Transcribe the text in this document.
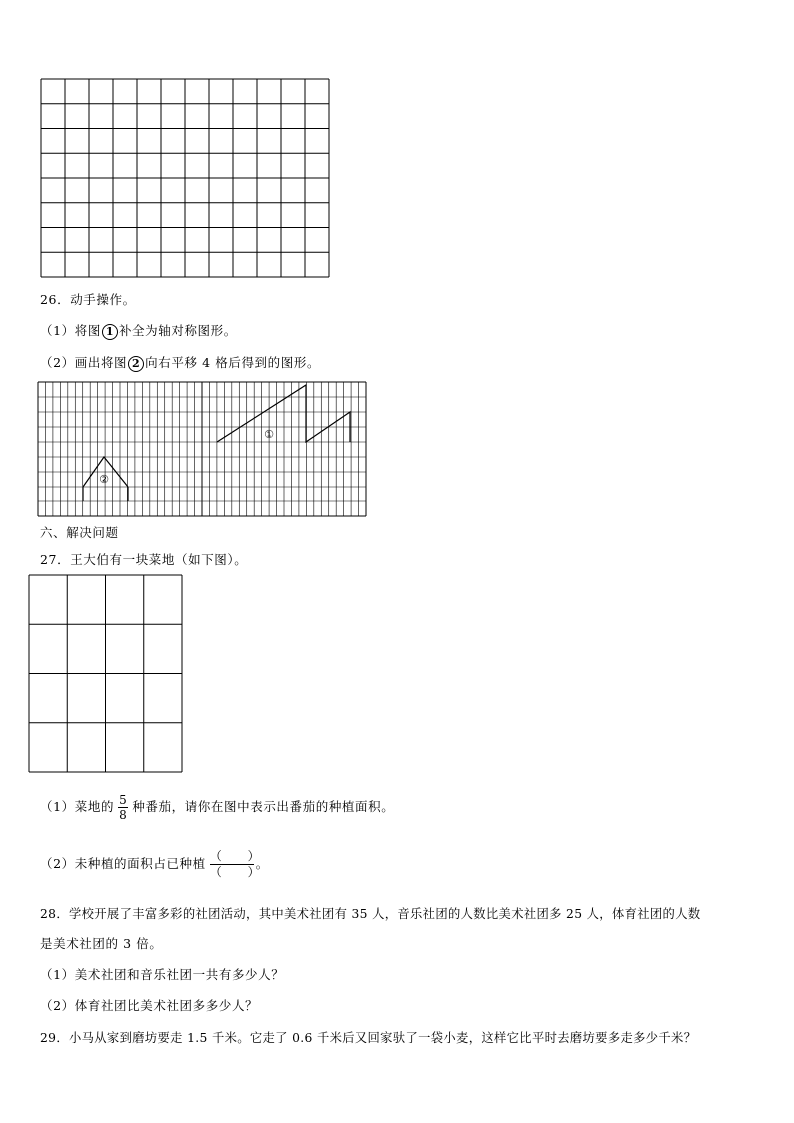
26．动手操作。
（1）将图 1 补全为轴对称图形。
（2）画出将图 2 向右平移 4 格后得到的图形。
①
②
六、解决问题
27．王大伯有一块菜地（如下图）。
（1）菜地的 $\frac{5}{8}$ 种番茄，请你在图中表示出番茄的种植面积。
（2）未种植的面积占已种植 （　　）
（　　）
。
28．学校开展了丰富多彩的社团活动，其中美术社团有 35 人，音乐社团的人数比美术社团多 25 人，体育社团的人数
是美术社团的 3 倍。
（1）美术社团和音乐社团一共有多少人？
（2）体育社团比美术社团多多少人？
29．小马从家到磨坊要走 1.5 千米。它走了 0.6 千米后又回家驮了一袋小麦，这样它比平时去磨坊要多走多少千米？
